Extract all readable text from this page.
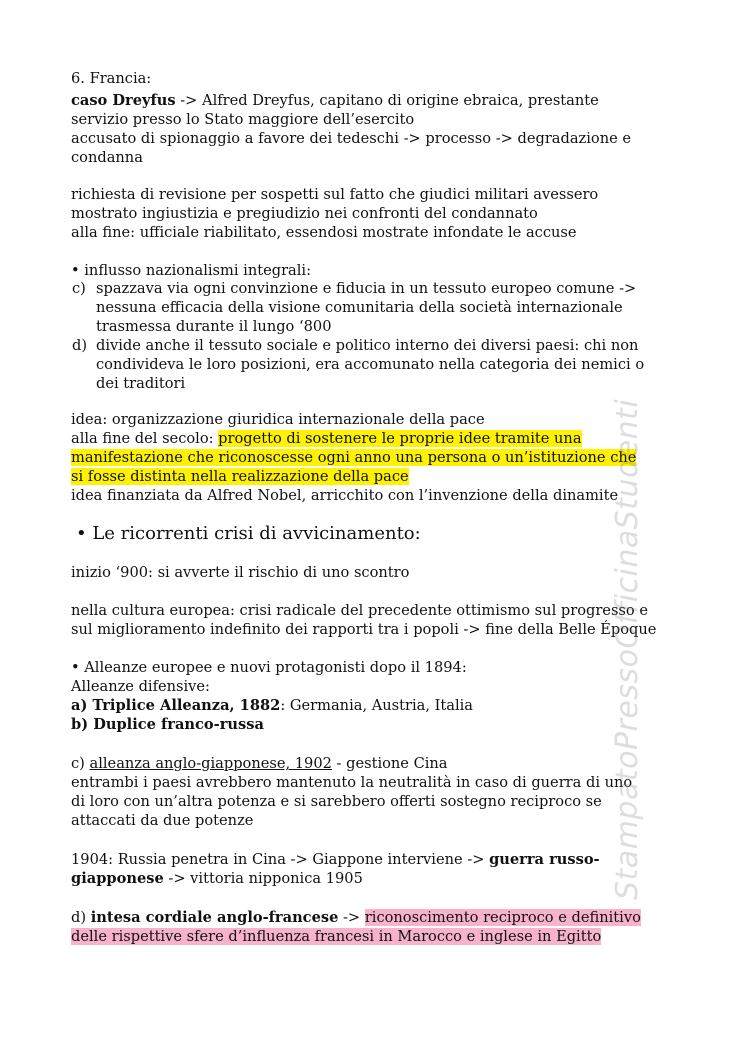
6. Francia:
caso Dreyfus -> Alfred Dreyfus, capitano di origine ebraica, prestante
servizio presso lo Stato maggiore dell’esercito
accusato di spionaggio a favore dei tedeschi -> processo -> degradazione e
condanna
richiesta di revisione per sospetti sul fatto che giudici militari avessero
mostrato ingiustizia e pregiudizio nei confronti del condannato
alla fine: ufficiale riabilitato, essendosi mostrate infondate le accuse
• influsso nazionalismi integrali:
c) spazzava via ogni convinzione e fiducia in un tessuto europeo comune ->
nessuna efficacia della visione comunitaria della società internazionale
trasmessa durante il lungo ‘800
d) divide anche il tessuto sociale e politico interno dei diversi paesi: chi non
condivideva le loro posizioni, era accomunato nella categoria dei nemici o
dei traditori
idea: organizzazione giuridica internazionale della pace
alla fine del secolo: progetto di sostenere le proprie idee tramite una
manifestazione che riconoscesse ogni anno una persona o un’istituzione che
si fosse distinta nella realizzazione della pace
idea finanziata da Alfred Nobel, arricchito con l’invenzione della dinamite
• Le ricorrenti crisi di avvicinamento:
inizio ‘900: si avverte il rischio di uno scontro
nella cultura europea: crisi radicale del precedente ottimismo sul progresso e
sul miglioramento indefinito dei rapporti tra i popoli -> fine della Belle Époque
• Alleanze europee e nuovi protagonisti dopo il 1894:
Alleanze difensive:
a) Triplice Alleanza, 1882: Germania, Austria, Italia
b) Duplice franco-russa
c) alleanza anglo-giapponese, 1902 - gestione Cina
entrambi i paesi avrebbero mantenuto la neutralità in caso di guerra di uno
di loro con un’altra potenza e si sarebbero offerti sostegno reciproco se
attaccati da due potenze
1904: Russia penetra in Cina -> Giappone interviene -> guerra russo-
giapponese -> vittoria nipponica 1905
d) intesa cordiale anglo-francese -> riconoscimento reciproco e definitivo
delle rispettive sfere d’influenza francesi in Marocco e inglese in Egitto
StampatoPressoOfficinaStudenti
